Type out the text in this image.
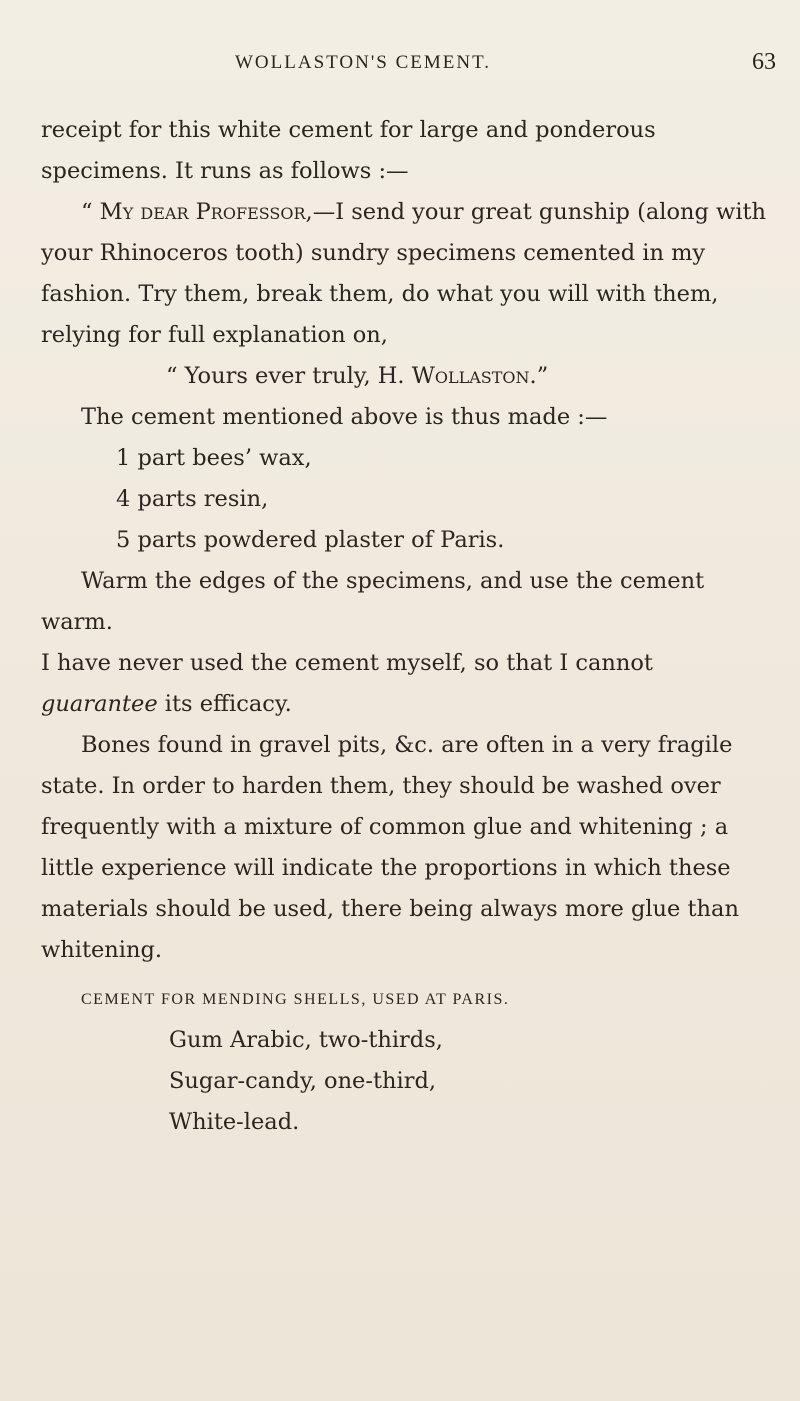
WOLLASTON'S CEMENT.	63

receipt for this white cement for large and ponderous specimens. It runs as follows :—

“ My dear Professor,—I send your great gunship (along with your Rhinoceros tooth) sundry specimens cemented in my fashion. Try them, break them, do what you will with them, relying for full explanation on,

“ Yours ever truly, H. Wollaston.”

The cement mentioned above is thus made :—

1 part bees’ wax,

4 parts resin,

5 parts powdered plaster of Paris.

Warm the edges of the specimens, and use the cement warm.

I have never used the cement myself, so that I cannot guarantee its efficacy.

Bones found in gravel pits, &c. are often in a very fragile state. In order to harden them, they should be washed over frequently with a mixture of common glue and whitening ; a little experience will indicate the proportions in which these materials should be used, there being always more glue than whitening.

CEMENT FOR MENDING SHELLS, USED AT PARIS.

Gum Arabic, two-thirds,

Sugar-candy, one-third,

White-lead.
